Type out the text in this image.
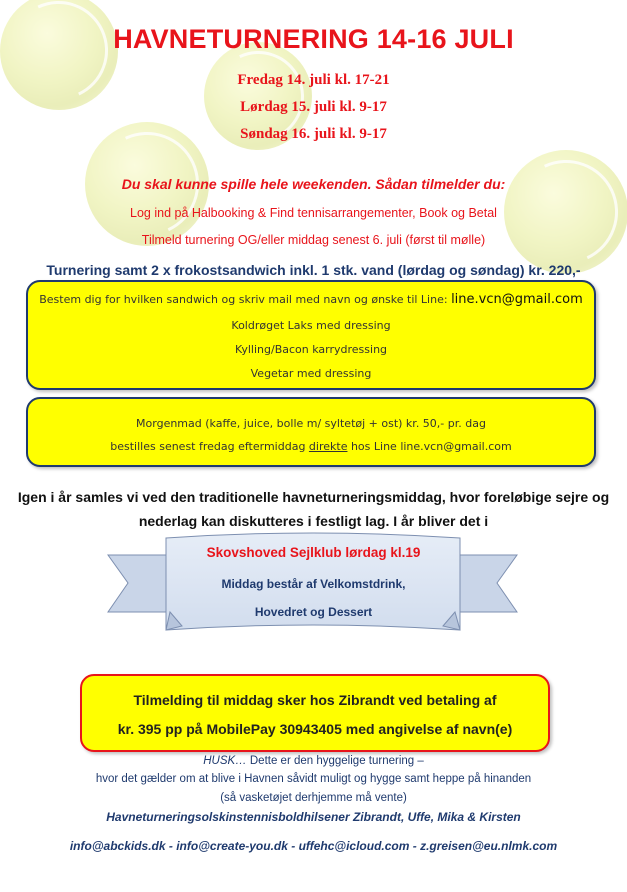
HAVNETURNERING 14-16 JULI
Fredag 14. juli kl. 17-21
Lørdag 15. juli kl. 9-17
Søndag 16. juli kl. 9-17
Du skal kunne spille hele weekenden. Sådan tilmelder du:
Log ind på Halbooking & Find tennisarrangementer, Book og Betal
Tilmeld turnering OG/eller middag senest 6. juli (først til mølle)
Turnering samt 2 x frokostsandwich inkl. 1 stk. vand (lørdag og søndag) kr. 220,-
Bestem dig for hvilken sandwich og skriv mail med navn og ønske til Line: line.vcn@gmail.com
Koldrøget Laks med dressing
Kylling/Bacon karrydressing
Vegetar med dressing
Morgenmad (kaffe, juice, bolle m/ syltetøj + ost) kr. 50,- pr. dag
bestilles senest fredag eftermiddag direkte hos Line line.vcn@gmail.com
Igen i år samles vi ved den traditionelle havneturneringsmiddag, hvor foreløbige sejre og
nederlag kan diskutteres i festligt lag. I år bliver det i
Skovshoved Sejlklub lørdag kl.19
Middag består af Velkomstdrink,
Hovedret og Dessert
Tilmelding til middag sker hos Zibrandt ved betaling af
kr. 395 pp på MobilePay 30943405 med angivelse af navn(e)
HUSK… Dette er den hyggelige turnering –
hvor det gælder om at blive i Havnen såvidt muligt og hygge samt heppe på hinanden
(så vasketøjet derhjemme må vente)
Havneturneringsolskinstennisboldhilsener Zibrandt, Uffe, Mika & Kirsten
info@abckids.dk - info@create-you.dk - uffehc@icloud.com - z.greisen@eu.nlmk.com
